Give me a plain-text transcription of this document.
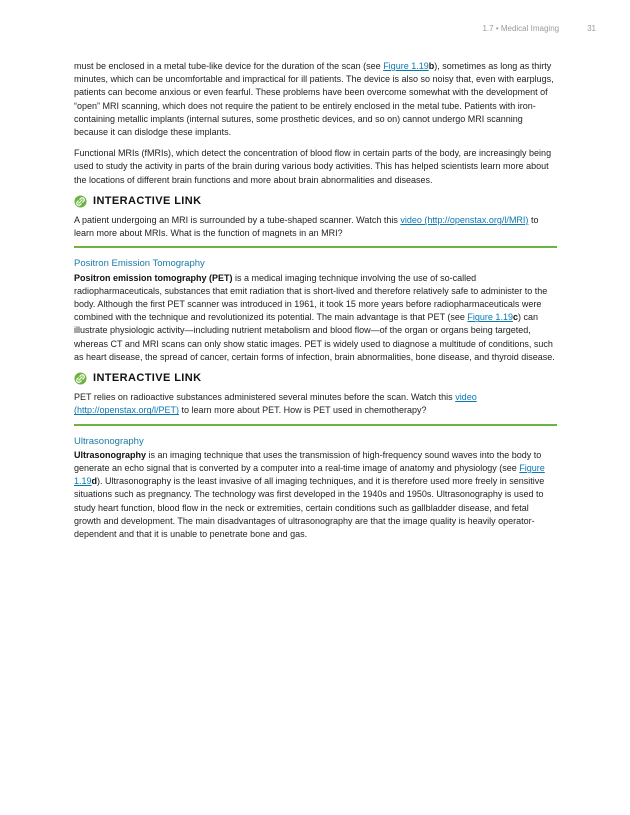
1.7 • Medical Imaging	31

must be enclosed in a metal tube-like device for the duration of the scan (see Figure 1.19b), sometimes as long as thirty minutes, which can be uncomfortable and impractical for ill patients. The device is also so noisy that, even with earplugs, patients can become anxious or even fearful. These problems have been overcome somewhat with the development of “open” MRI scanning, which does not require the patient to be entirely enclosed in the metal tube. Patients with iron-containing metallic implants (internal sutures, some prosthetic devices, and so on) cannot undergo MRI scanning because it can dislodge these implants.

Functional MRIs (fMRIs), which detect the concentration of blood flow in certain parts of the body, are increasingly being used to study the activity in parts of the brain during various body activities. This has helped scientists learn more about the locations of different brain functions and more about brain abnormalities and diseases.

INTERACTIVE LINK

A patient undergoing an MRI is surrounded by a tube-shaped scanner. Watch this video (http://openstax.org/l/MRI) to learn more about MRIs. What is the function of magnets in an MRI?

Positron Emission Tomography

Positron emission tomography (PET) is a medical imaging technique involving the use of so-called radiopharmaceuticals, substances that emit radiation that is short-lived and therefore relatively safe to administer to the body. Although the first PET scanner was introduced in 1961, it took 15 more years before radiopharmaceuticals were combined with the technique and revolutionized its potential. The main advantage is that PET (see Figure 1.19c) can illustrate physiologic activity—including nutrient metabolism and blood flow—of the organ or organs being targeted, whereas CT and MRI scans can only show static images. PET is widely used to diagnose a multitude of conditions, such as heart disease, the spread of cancer, certain forms of infection, brain abnormalities, bone disease, and thyroid disease.

INTERACTIVE LINK

PET relies on radioactive substances administered several minutes before the scan. Watch this video (http://openstax.org/l/PET) to learn more about PET. How is PET used in chemotherapy?

Ultrasonography

Ultrasonography is an imaging technique that uses the transmission of high-frequency sound waves into the body to generate an echo signal that is converted by a computer into a real-time image of anatomy and physiology (see Figure 1.19d). Ultrasonography is the least invasive of all imaging techniques, and it is therefore used more freely in sensitive situations such as pregnancy. The technology was first developed in the 1940s and 1950s. Ultrasonography is used to study heart function, blood flow in the neck or extremities, certain conditions such as gallbladder disease, and fetal growth and development. The main disadvantages of ultrasonography are that the image quality is heavily operator-dependent and that it is unable to penetrate bone and gas.
